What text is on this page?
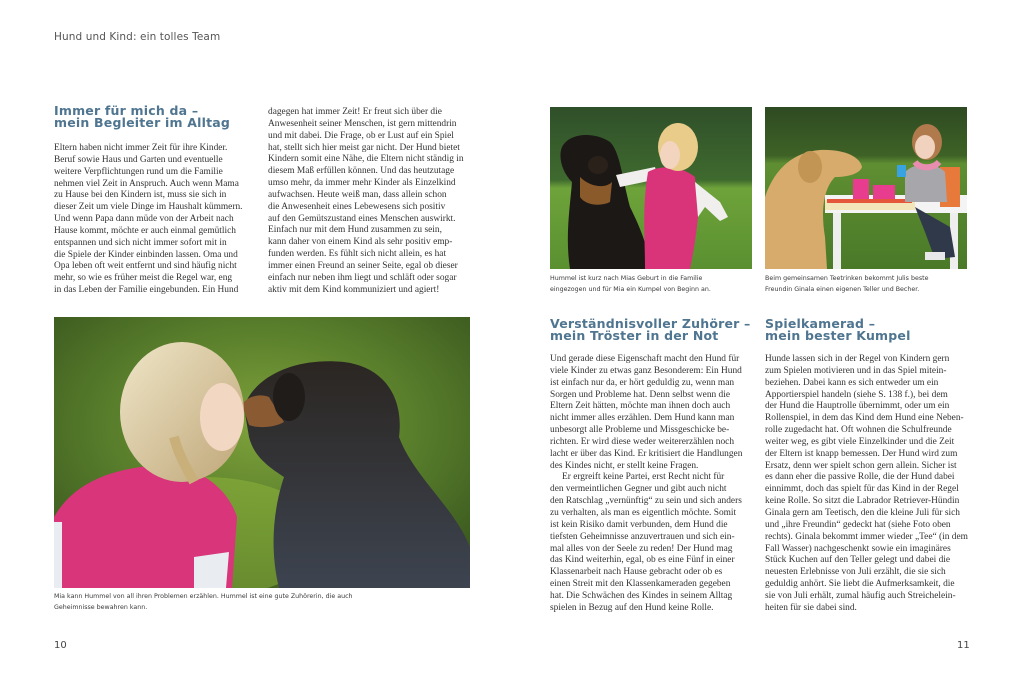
Hund und Kind: ein tolles Team
Immer für mich da –
mein Begleiter im Alltag
Eltern haben nicht immer Zeit für ihre Kinder.
Beruf sowie Haus und Garten und eventuelle
weitere Verpflichtungen rund um die Familie
nehmen viel Zeit in Anspruch. Auch wenn Mama
zu Hause bei den Kindern ist, muss sie sich in
dieser Zeit um viele Dinge im Haushalt kümmern.
Und wenn Papa dann müde von der Arbeit nach
Hause kommt, möchte er auch einmal gemütlich
entspannen und sich nicht immer sofort mit in
die Spiele der Kinder einbinden lassen. Oma und
Opa leben oft weit entfernt und sind häufig nicht
mehr, so wie es früher meist die Regel war, eng
in das Leben der Familie eingebunden. Ein Hund
dagegen hat immer Zeit! Er freut sich über die
Anwesenheit seiner Menschen, ist gern mittendrin
und mit dabei. Die Frage, ob er Lust auf ein Spiel
hat, stellt sich hier meist gar nicht. Der Hund bietet
Kindern somit eine Nähe, die Eltern nicht ständig in
diesem Maß erfüllen können. Und das heutzutage
umso mehr, da immer mehr Kinder als Einzelkind
aufwachsen. Heute weiß man, dass allein schon
die Anwesenheit eines Lebewesens sich positiv
auf den Gemütszustand eines Menschen auswirkt.
Einfach nur mit dem Hund zusammen zu sein,
kann daher von einem Kind als sehr positiv emp-
funden werden. Es fühlt sich nicht allein, es hat
immer einen Freund an seiner Seite, egal ob dieser
einfach nur neben ihm liegt und schläft oder sogar
aktiv mit dem Kind kommuniziert und agiert!
Mia kann Hummel von all ihren Problemen erzählen. Hummel ist eine gute Zuhörerin, die auch
Geheimnisse bewahren kann.
10
Hummel ist kurz nach Mias Geburt in die Familie
eingezogen und für Mia ein Kumpel von Beginn an.
Beim gemeinsamen Teetrinken bekommt Julis beste
Freundin Ginala einen eigenen Teller und Becher.
Verständnisvoller Zuhörer –
mein Tröster in der Not
Und gerade diese Eigenschaft macht den Hund für
viele Kinder zu etwas ganz Besonderem: Ein Hund
ist einfach nur da, er hört geduldig zu, wenn man
Sorgen und Probleme hat. Denn selbst wenn die
Eltern Zeit hätten, möchte man ihnen doch auch
nicht immer alles erzählen. Dem Hund kann man
unbesorgt alle Probleme und Missgeschicke be-
richten. Er wird diese weder weitererzählen noch
lacht er über das Kind. Er kritisiert die Handlungen
des Kindes nicht, er stellt keine Fragen.
Er ergreift keine Partei, erst Recht nicht für
den vermeintlichen Gegner und gibt auch nicht
den Ratschlag „vernünftig“ zu sein und sich anders
zu verhalten, als man es eigentlich möchte. Somit
ist kein Risiko damit verbunden, dem Hund die
tiefsten Geheimnisse anzuvertrauen und sich ein-
mal alles von der Seele zu reden! Der Hund mag
das Kind weiterhin, egal, ob es eine Fünf in einer
Klassenarbeit nach Hause gebracht oder ob es
einen Streit mit den Klassenkameraden gegeben
hat. Die Schwächen des Kindes in seinem Alltag
spielen in Bezug auf den Hund keine Rolle.
Spielkamerad –
mein bester Kumpel
Hunde lassen sich in der Regel von Kindern gern
zum Spielen motivieren und in das Spiel mitein-
beziehen. Dabei kann es sich entweder um ein
Apportierspiel handeln (siehe S. 138 f.), bei dem
der Hund die Hauptrolle übernimmt, oder um ein
Rollenspiel, in dem das Kind dem Hund eine Neben-
rolle zugedacht hat. Oft wohnen die Schulfreunde
weiter weg, es gibt viele Einzelkinder und die Zeit
der Eltern ist knapp bemessen. Der Hund wird zum
Ersatz, denn wer spielt schon gern allein. Sicher ist
es dann eher die passive Rolle, die der Hund dabei
einnimmt, doch das spielt für das Kind in der Regel
keine Rolle. So sitzt die Labrador Retriever-Hündin
Ginala gern am Teetisch, den die kleine Juli für sich
und „ihre Freundin“ gedeckt hat (siehe Foto oben
rechts). Ginala bekommt immer wieder „Tee“ (in dem
Fall Wasser) nachgeschenkt sowie ein imaginäres
Stück Kuchen auf den Teller gelegt und dabei die
neuesten Erlebnisse von Juli erzählt, die sie sich
geduldig anhört. Sie liebt die Aufmerksamkeit, die
sie von Juli erhält, zumal häufig auch Streichelein-
heiten für sie dabei sind.
11
